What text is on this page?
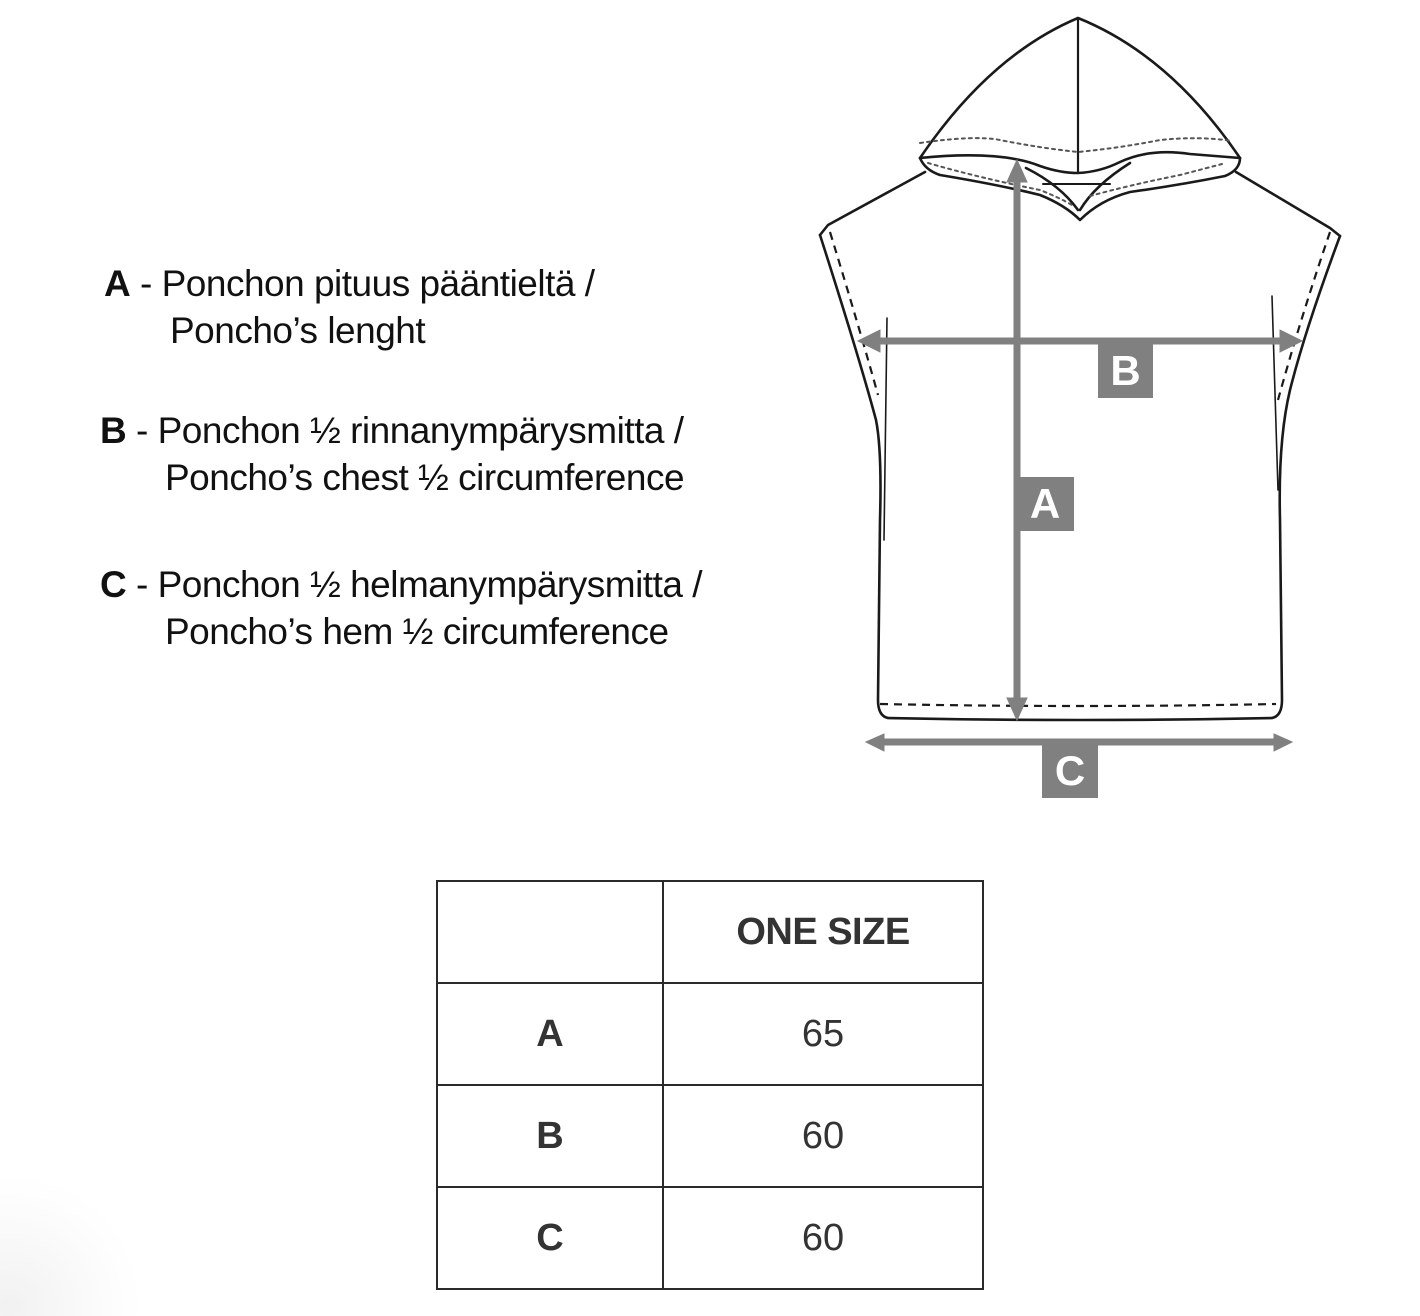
A - Ponchon pituus pääntieltä /
Poncho’s lenght
B - Ponchon ½ rinnanympärysmitta /
Poncho’s chest ½ circumference
C - Ponchon ½ helmanympärysmitta /
Poncho’s hem ½ circumference
A
B
C
	ONE SIZE
A	65
B	60
C	60
